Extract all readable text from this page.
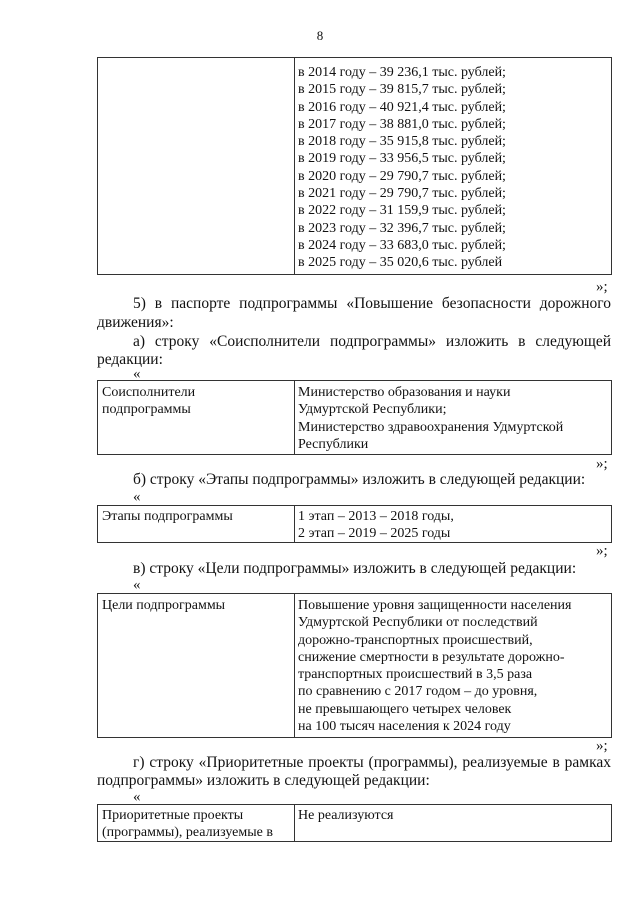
8
в 2014 году – 39 236,1 тыс. рублей;
в 2015 году – 39 815,7 тыс. рублей;
в 2016 году – 40 921,4 тыс. рублей;
в 2017 году – 38 881,0 тыс. рублей;
в 2018 году – 35 915,8 тыс. рублей;
в 2019 году – 33 956,5 тыс. рублей;
в 2020 году – 29 790,7 тыс. рублей;
в 2021 году – 29 790,7 тыс. рублей;
в 2022 году – 31 159,9 тыс. рублей;
в 2023 году – 32 396,7 тыс. рублей;
в 2024 году – 33 683,0 тыс. рублей;
в 2025 году – 35 020,6 тыс. рублей
»;
5) в паспорте подпрограммы «Повышение безопасности дорожного
движения»:
а) строку «Соисполнители подпрограммы» изложить в следующей
редакции:
«
Соисполнители
подпрограммы
Министерство образования и науки
Удмуртской Республики;
Министерство здравоохранения Удмуртской
Республики
»;
б) строку «Этапы подпрограммы» изложить в следующей редакции:
«
Этапы подпрограммы	1 этап – 2013 – 2018 годы,
2 этап – 2019 – 2025 годы
»;
в) строку «Цели подпрограммы» изложить в следующей редакции:
«
Цели подпрограммы	Повышение уровня защищенности населения
Удмуртской Республики от последствий
дорожно-транспортных происшествий,
снижение смертности в результате дорожно-
транспортных происшествий в 3,5 раза
по сравнению с 2017 годом – до уровня,
не превышающего четырех человек
на 100 тысяч населения к 2024 году
»;
г) строку «Приоритетные проекты (программы), реализуемые в рамках
подпрограммы» изложить в следующей редакции:
«
Приоритетные проекты
(программы), реализуемые в
Не реализуются
